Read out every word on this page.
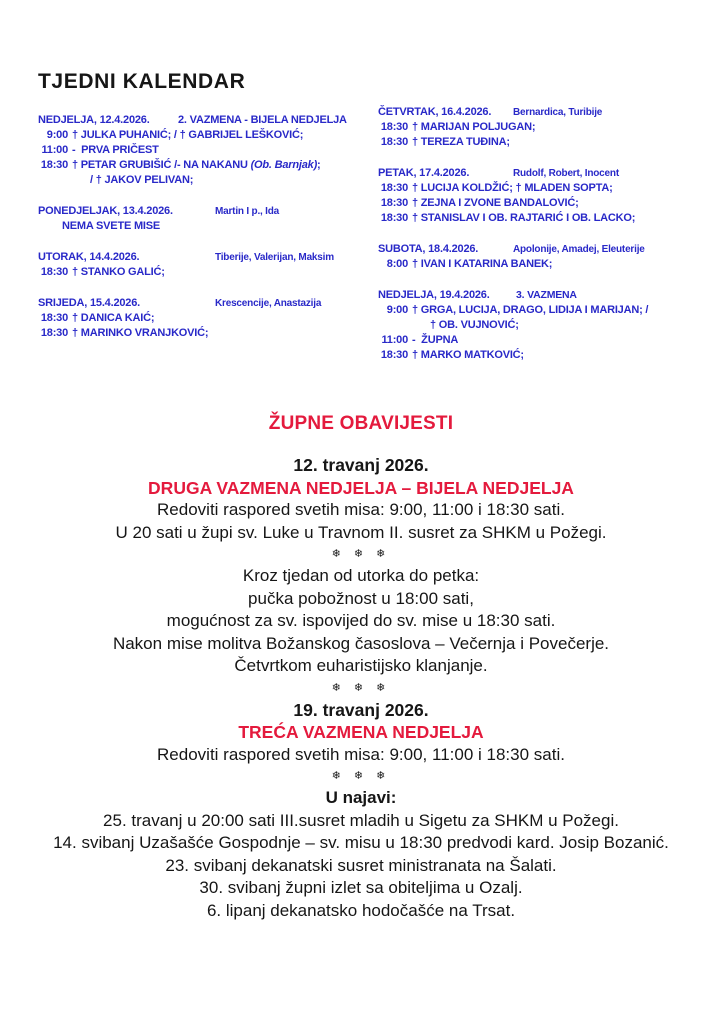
TJEDNI KALENDAR
NEDJELJA, 12.4.2026.	2. VAZMENA - BIJELA NEDJELJA
9:00 † JULKA PUHANIĆ; / † GABRIJEL LEŠKOVIĆ;
11:00 -  PRVA PRIČEST
18:30 † PETAR GRUBIŠIĆ /- NA NAKANU (Ob. Barnjak) ;
/ † JAKOV PELIVAN;
PONEDJELJAK, 13.4.2026.	Martin I p., Ida
NEMA SVETE MISE
UTORAK, 14.4.2026.	Tiberije, Valerijan, Maksim
18:30 † STANKO GALIĆ;
SRIJEDA, 15.4.2026.	Krescencije, Anastazija
18:30 † DANICA KAIĆ;
18:30 † MARINKO VRANJKOVIĆ;
ČETVRTAK, 16.4.2026. Bernardica, Turibije
18:30 † MARIJAN POLJUGAN;
18:30 † TEREZA TUĐINA;
PETAK, 17.4.2026.	Rudolf, Robert, Inocent
18:30 † LUCIJA KOLDŽIĆ; † MLADEN SOPTA;
18:30 † ZEJNA I ZVONE BANDALOVIĆ;
18:30 † STANISLAV I OB. RAJTARIĆ I OB. LACKO;
SUBOTA, 18.4.2026.	Apolonije, Amadej, Eleuterije
8:00 † IVAN I KATARINA BANEK;
NEDJELJA, 19.4.2026.	3. VAZMENA
9:00 † GRGA, LUCIJA, DRAGO, LIDIJA I MARIJAN; /
† OB. VUJNOVIĆ;
11:00 -  ŽUPNA
18:30 † MARKO MATKOVIĆ;
ŽUPNE OBAVIJESTI
12. travanj 2026.
DRUGA VAZMENA NEDJELJA – BIJELA NEDJELJA
Redoviti raspored svetih misa: 9:00, 11:00 i 18:30 sati.
U 20 sati u župi sv. Luke u Travnom II. susret za SHKM u Požegi.
❄ ❄ ❄
Kroz tjedan od utorka do petka:
pučka pobožnost u 18:00 sati,
mogućnost za sv. ispovijed do sv. mise u 18:30 sati.
Nakon mise molitva Božanskog časoslova – Večernja i Povečerje.
Četvrtkom euharistijsko klanjanje.
❄ ❄ ❄
19. travanj 2026.
TREĆA VAZMENA NEDJELJA
Redoviti raspored svetih misa: 9:00, 11:00 i 18:30 sati.
❄ ❄ ❄
U najavi:
25. travanj u 20:00 sati III.susret mladih u Sigetu za SHKM u Požegi.
14. svibanj Uzašašće Gospodnje – sv. misu u 18:30 predvodi kard. Josip Bozanić.
23. svibanj dekanatski susret ministranata na Šalati.
30. svibanj župni izlet sa obiteljima u Ozalj.
6. lipanj dekanatsko hodočašće na Trsat.
